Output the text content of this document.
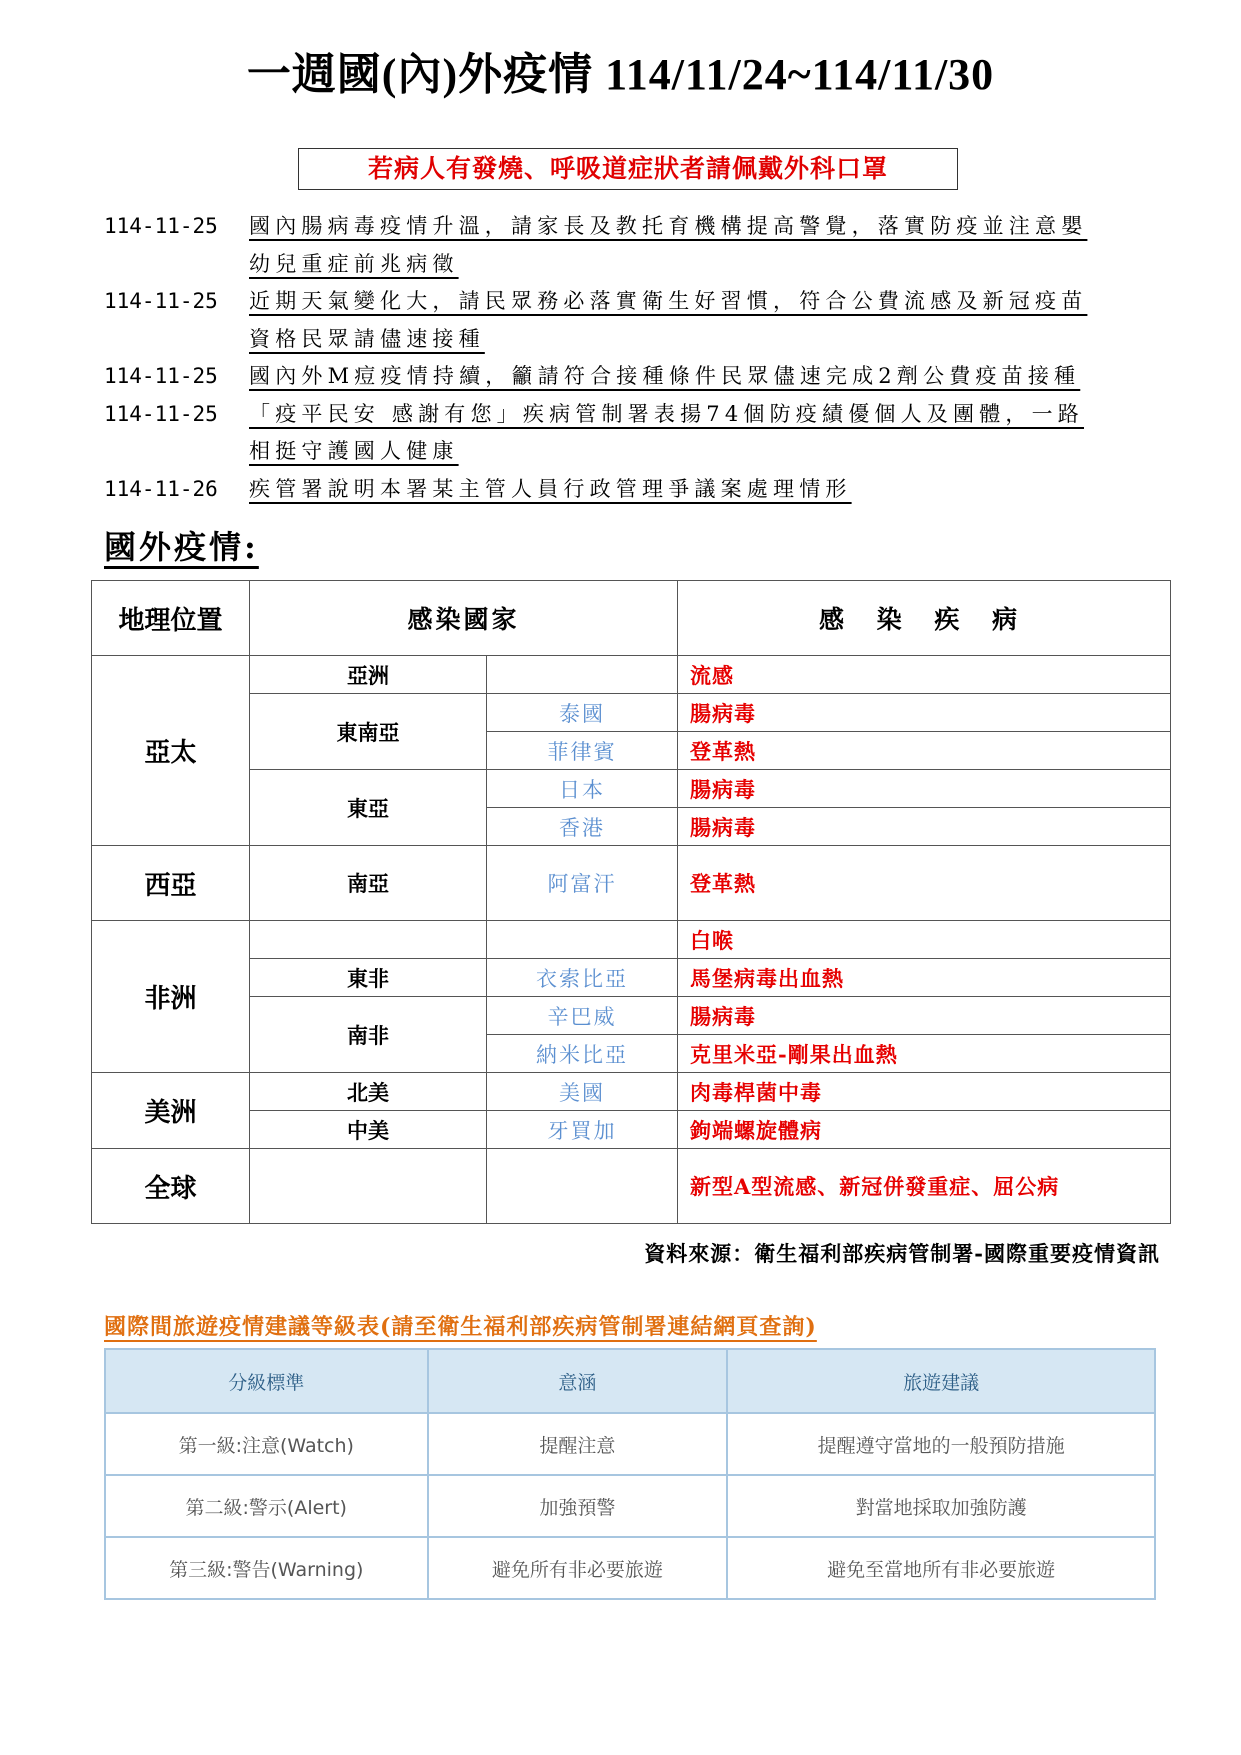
一週國(內)外疫情 114/11/24~114/11/30
若病人有發燒、呼吸道症狀者請佩戴外科口罩
114-11-25	國內腸病毒疫情升溫，請家長及教托育機構提高警覺，落實防疫並注意嬰
幼兒重症前兆病徵
114-11-25	近期天氣變化大，請民眾務必落實衛生好習慣，符合公費流感及新冠疫苗
資格民眾請儘速接種
114-11-25	國內外M痘疫情持續，籲請符合接種條件民眾儘速完成2劑公費疫苗接種
114-11-25	「疫平民安 感謝有您」疾病管制署表揚74個防疫績優個人及團體，一路
相挺守護國人健康
114-11-26	疾管署說明本署某主管人員行政管理爭議案處理情形
國外疫情:
地理位置	感染國家		感 染 疾 病
亞太	亞洲		流感
	東南亞	泰國	腸病毒
		菲律賓	登革熱
	東亞	日本	腸病毒
		香港	腸病毒
西亞	南亞	阿富汗	登革熱
非洲			白喉
	東非	衣索比亞	馬堡病毒出血熱
	南非	辛巴威	腸病毒
		納米比亞	克里米亞-剛果出血熱
美洲	北美	美國	肉毒桿菌中毒
	中美	牙買加	鉤端螺旋體病
全球			新型A型流感、新冠併發重症、屈公病
資料來源：衛生福利部疾病管制署-國際重要疫情資訊
國際間旅遊疫情建議等級表(請至衛生福利部疾病管制署連結網頁查詢)
分級標準	意涵	旅遊建議
第一級:注意(Watch)	提醒注意	提醒遵守當地的一般預防措施
第二級:警示(Alert)	加強預警	對當地採取加強防護
第三級:警告(Warning)	避免所有非必要旅遊	避免至當地所有非必要旅遊
